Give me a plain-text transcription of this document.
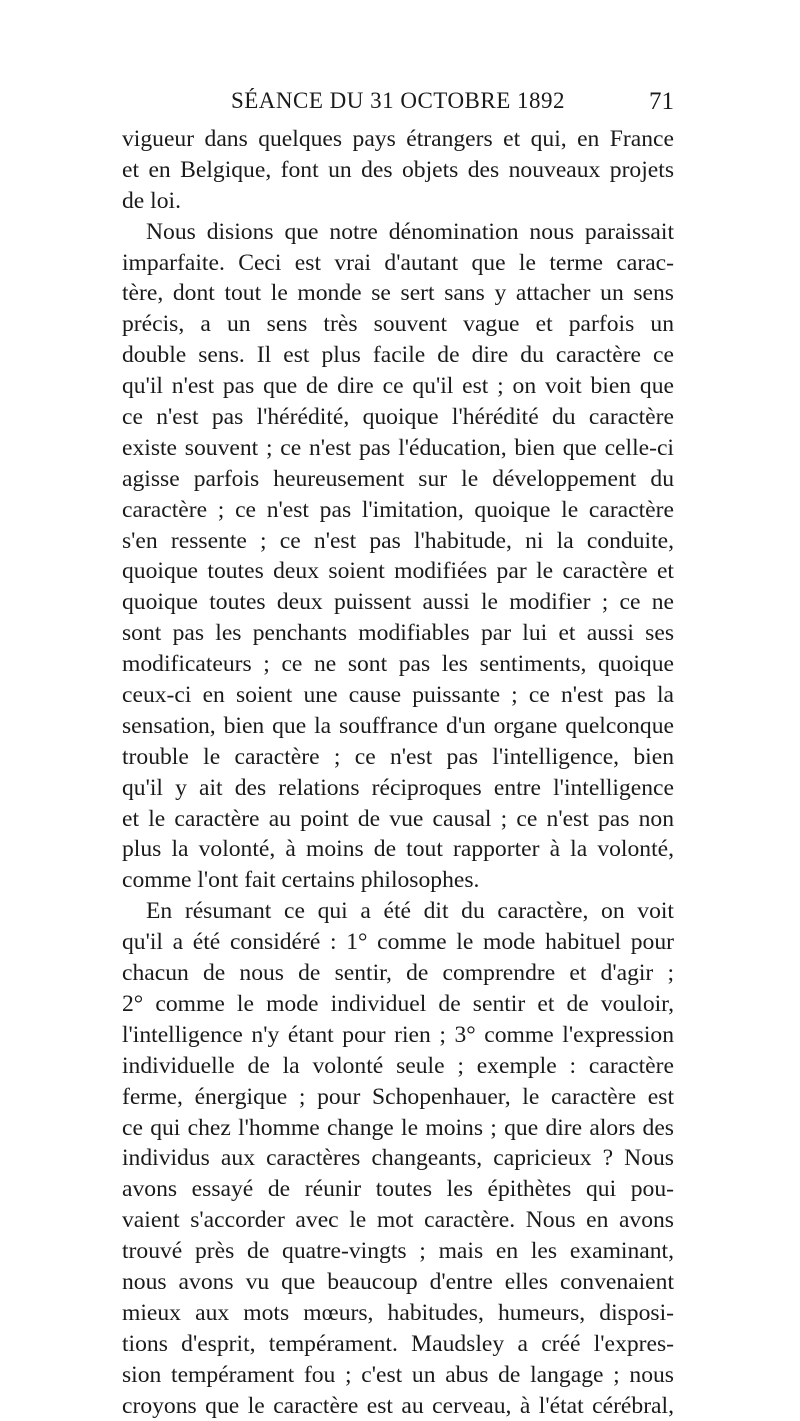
SÉANCE DU 31 OCTOBRE 1892	71
vigueur dans quelques pays étrangers et qui, en France
et en Belgique, font un des objets des nouveaux projets
de loi.
Nous disions que notre dénomination nous paraissait
imparfaite. Ceci est vrai d'autant que le terme carac-
tère, dont tout le monde se sert sans y attacher un sens
précis, a un sens très souvent vague et parfois un
double sens. Il est plus facile de dire du caractère ce
qu'il n'est pas que de dire ce qu'il est ; on voit bien que
ce n'est pas l'hérédité, quoique l'hérédité du caractère
existe souvent ; ce n'est pas l'éducation, bien que celle-ci
agisse parfois heureusement sur le développement du
caractère ; ce n'est pas l'imitation, quoique le caractère
s'en ressente ; ce n'est pas l'habitude, ni la conduite,
quoique toutes deux soient modifiées par le caractère et
quoique toutes deux puissent aussi le modifier ; ce ne
sont pas les penchants modifiables par lui et aussi ses
modificateurs ; ce ne sont pas les sentiments, quoique
ceux-ci en soient une cause puissante ; ce n'est pas la
sensation, bien que la souffrance d'un organe quelconque
trouble le caractère ; ce n'est pas l'intelligence, bien
qu'il y ait des relations réciproques entre l'intelligence
et le caractère au point de vue causal ; ce n'est pas non
plus la volonté, à moins de tout rapporter à la volonté,
comme l'ont fait certains philosophes.
En résumant ce qui a été dit du caractère, on voit
qu'il a été considéré : 1° comme le mode habituel pour
chacun de nous de sentir, de comprendre et d'agir ;
2° comme le mode individuel de sentir et de vouloir,
l'intelligence n'y étant pour rien ; 3° comme l'expression
individuelle de la volonté seule ; exemple : caractère
ferme, énergique ; pour Schopenhauer, le caractère est
ce qui chez l'homme change le moins ; que dire alors des
individus aux caractères changeants, capricieux ? Nous
avons essayé de réunir toutes les épithètes qui pou-
vaient s'accorder avec le mot caractère. Nous en avons
trouvé près de quatre-vingts ; mais en les examinant,
nous avons vu que beaucoup d'entre elles convenaient
mieux aux mots mœurs, habitudes, humeurs, disposi-
tions d'esprit, tempérament. Maudsley a créé l'expres-
sion tempérament fou ; c'est un abus de langage ; nous
croyons que le caractère est au cerveau, à l'état cérébral,
